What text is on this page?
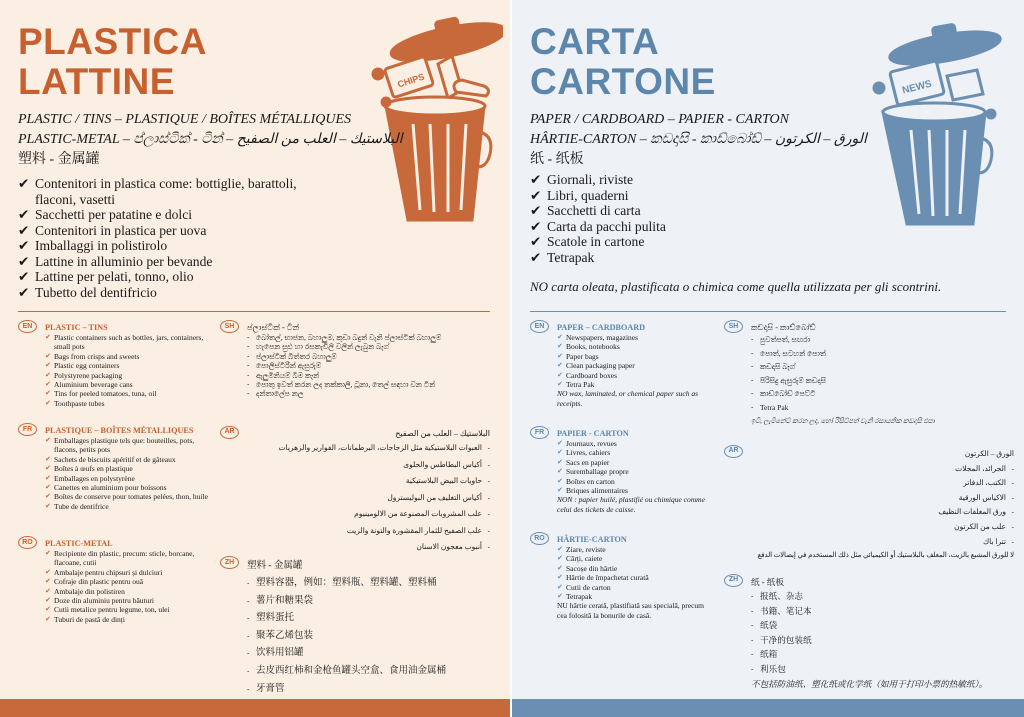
PLASTICA
LATTINE	CHIPS
PLASTIC / TINS – PLASTIQUE / BOÎTES MÉTALLIQUES
PLASTIC-METAL – ප්ලාස්ටික් - ටින් – البلاستيك – العلب من الصفيح
塑料 - 金属罐
✔ Contenitori in plastica come: bottiglie, barattoli, flaconi, vasetti
✔ Sacchetti per patatine e dolci
✔ Contenitori in plastica per uova
✔ Imballaggi in polistirolo
✔ Lattine in alluminio per bevande
✔ Lattine per pelati, tonno, olio
✔ Tubetto del dentifricio
EN	PLASTIC – TINS
✔ Plastic containers such as bottles, jars, containers, small pots
✔ Bags from crisps and sweets
✔ Plastic egg containers
✔ Polystyrene packaging
✔ Aluminium beverage cans
✔ Tins for peeled tomatoes, tuna, oil
✔ Toothpaste tubes
FR	PLASTIQUE – BOÎTES MÉTALLIQUES
✔ Emballages plastique tels que: bouteilles, pots, flacons, petits pots
✔ Sachets de biscuits apéritif et de gâteaux
✔ Boîtes à œufs en plastique
✔ Emballages en polystyrène
✔ Canettes en aluminium pour boissons
✔ Boîtes de conserve pour tomates pelées, thon, huile
✔ Tube de dentifrice
RO	PLASTIC-METAL
✔ Recipiente din plastic, precum: sticle, borcane, flacoane, cutii
✔ Ambalaje pentru chipsuri și dulciuri
✔ Cofraje din plastic pentru ouă
✔ Ambalaje din polistiren
✔ Doze din aluminiu pentru băuturi
✔ Cutii metalice pentru legume, ton, ulei
✔ Tuburi de pastă de dinți
SH	ප්ලාස්ටික් - ටින්
- බෝතල්, භාජන, බහාලුම, කුඩා බදුන් වැනි ප්ලාස්ටික් බහාලුම්
- හැපෙන සුළු හා රසකැවිලි වලින් ලැබුන බෑග්
- ප්ලාස්ටික් බිත්තර බහාලුම්
- පොලිස්ටිරීන් ඇසුරුම්
- ඇලුමිනියම් බීම කෑන්
- පොතු ඉවත් කරන ලද තක්කාලි, ටූනා, තෙල් සඳහා වන ටින්
- දන්තාලේප නල
AR	البلاستيك – العلب من الصفيح
- العبوات البلاستيكية مثل الزجاجات، البرطمانات، الفوارير والزهريات
- أكياس البطاطس والحلوى
- حاويات البيض البلاستيكية
- أكياس التغليف من البوليسترول
- علب المشروبات المصنوعة من الالومينيوم
- علب الصفيح للثمار المقشورة والتونة والزيت
- أنبوب معجون الاسنان
ZH	塑料 - 金属罐
- 塑料容器，例如：塑料瓶、塑料罐、塑料桶
- 薯片和糖果袋
- 塑料蛋托
- 聚苯乙烯包装
- 饮料用铝罐
- 去皮西红柿和金枪鱼罐头空盒、食用油金属桶
- 牙膏管
CARTA
CARTONE	NEWS
PAPER / CARDBOARD – PAPIER - CARTON
HÂRTIE-CARTON – කඩදාසි - කාඩ්බෝඩ් – الورق – الكرتون
纸 - 纸板
✔ Giornali, riviste
✔ Libri, quaderni
✔ Sacchetti di carta
✔ Carta da pacchi pulita
✔ Scatole in cartone
✔ Tetrapak
NO carta oleata, plastificata o chimica come quella utilizzata per gli scontrini.
EN	PAPER – CARDBOARD
✔ Newspapers, magazines
✔ Books, notebooks
✔ Paper bags
✔ Clean packaging paper
✔ Cardboard boxes
✔ Tetra Pak
NO wax, laminated, or chemical paper such as receipts.
FR	PAPIER - CARTON
✔ Journaux, revues
✔ Livres, cahiers
✔ Sacs en papier
✔ Suremballage propre
✔ Boîtes en carton
✔ Briques alimentaires
NON : papier huilé, plastifié ou chimique comme celui des tickets de caisse.
RO	HÂRTIE-CARTON
✔ Ziare, reviste
✔ Cărți, caiete
✔ Sacoșe din hârtie
✔ Hârtie de împachetat curată
✔ Cutii de carton
✔ Tetrapak
NU hârtie cerată, plastifiată sau specială, precum cea folosită la bonurile de casă.
SH	කඩදාසි - කාඩ්බෝඩ්
- පුවත්පත්, සඟරා
- පොත්, සටහන් පොත්
- කඩදාසි බෑග්
- පිරිසිදු ඇසුරුම් කඩදාසි
- කාඩ්බෝඩ් පෙට්ටි
- Tetra Pak
ඉටි, ලැමිනේට් කරන ලද, හෝ රිසිට්පත් වැනි රසායනික කඩදාසි එපා
AR	الورق – الكرتون
- الجرائد، المجلات
- الكتب، الدفاتر
- الاكياس الورقية
- ورق المغلفات النظيف
- علب من الكرتون
- تترا باك
لا للورق المشبع بالزيت، المغلف بالبلاستيك أو الكيميائي مثل ذلك المستخدم في إيصالات الدفع
ZH	纸 - 纸板
- 报纸、杂志
- 书籍、笔记本
- 纸袋
- 干净的包装纸
- 纸箱
- 利乐包
不包括防油纸、塑化纸或化学纸（如用于打印小票的热敏纸）。
